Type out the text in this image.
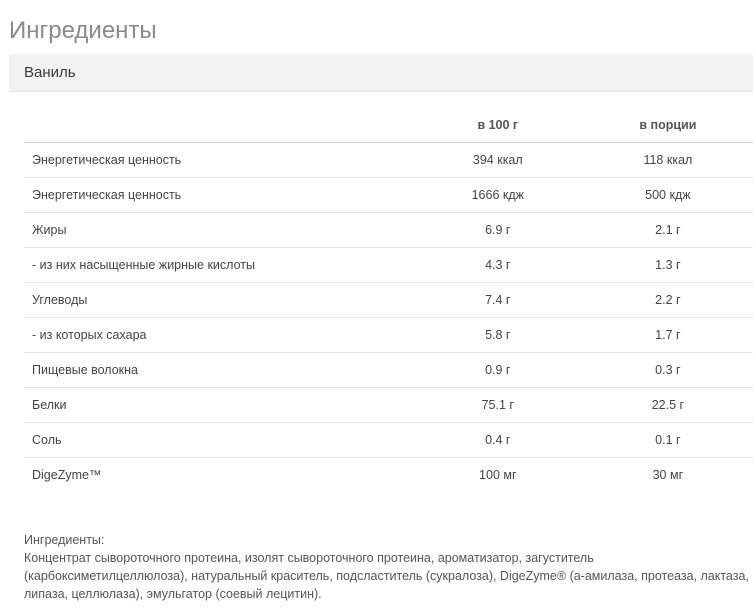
Ингредиенты
Ваниль
	в 100 г	в порции
Энергетическая ценность	394 ккал	118 ккал
Энергетическая ценность	1666 кдж	500 кдж
Жиры	6.9 г	2.1 г
- из них насыщенные жирные кислоты	4.3 г	1.3 г
Углеводы	7.4 г	2.2 г
- из которых сахара	5.8 г	1.7 г
Пищевые волокна	0.9 г	0.3 г
Белки	75.1 г	22.5 г
Соль	0.4 г	0.1 г
DigeZyme™	100 мг	30 мг

Ингредиенты:

Концентрат сывороточного протеина, изолят сывороточного протеина, ароматизатор, загуститель (карбоксиметилцеллюлоза), натуральный краситель, подсластитель (сукралоза), DigeZyme® (а-амилаза, протеаза, лактаза, липаза, целлюлаза), эмульгатор (соевый лецитин).
